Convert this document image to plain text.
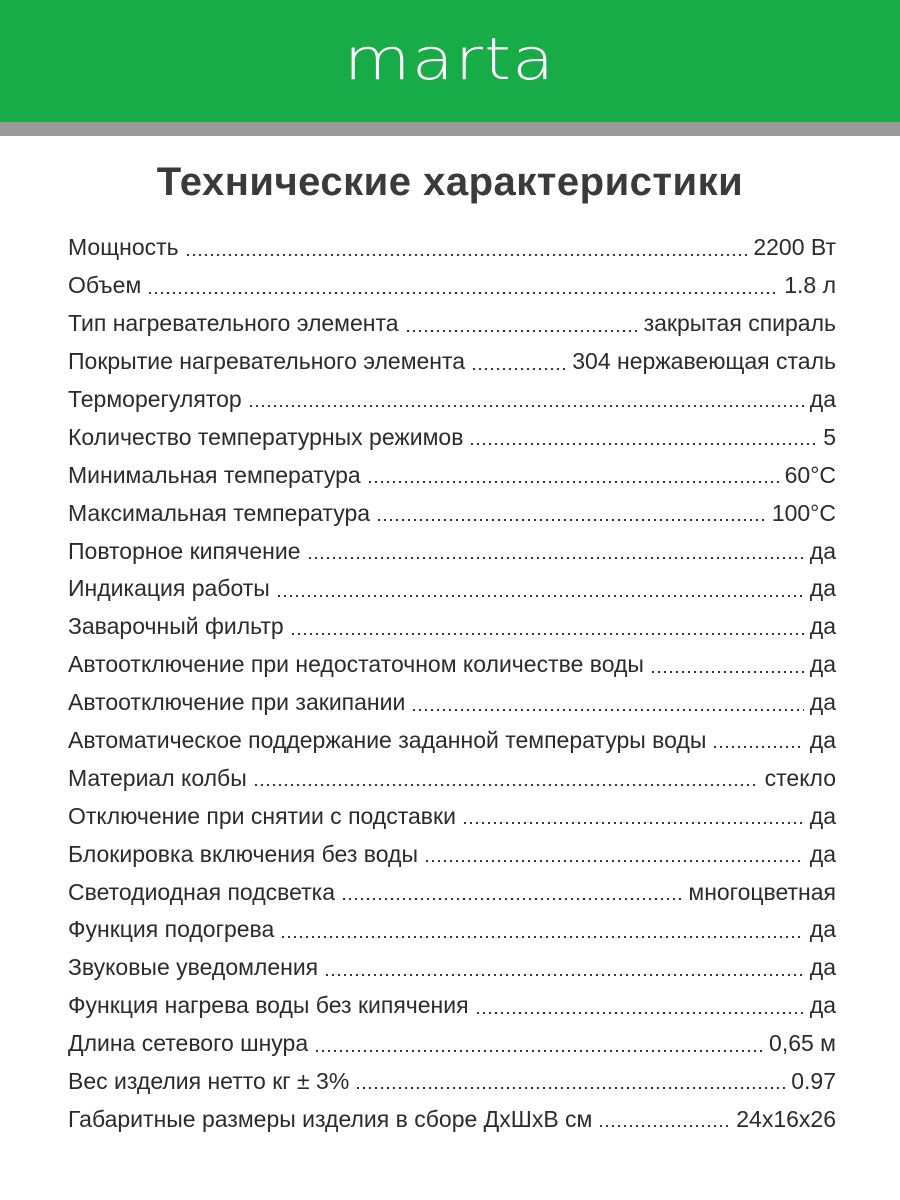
marta
Технические характеристики
Мощность	2200 Вт
Объем	1.8 л
Тип нагревательного элемента	закрытая спираль
Покрытие нагревательного элемента	304 нержавеющая сталь
Терморегулятор	да
Количество температурных режимов	5
Минимальная температура	60°C
Максимальная температура	100°C
Повторное кипячение	да
Индикация работы	да
Заварочный фильтр	да
Автоотключение при недостаточном количестве воды	да
Автоотключение при закипании	да
Автоматическое поддержание заданной температуры воды	да
Материал колбы	стекло
Отключение при снятии с подставки	да
Блокировка включения без воды	да
Светодиодная подсветка	многоцветная
Функция подогрева	да
Звуковые уведомления	да
Функция нагрева воды без кипячения	да
Длина сетевого шнура	0,65 м
Вес изделия нетто кг ± 3%	0.97
Габаритные размеры изделия в сборе ДхШхВ см	24x16x26
